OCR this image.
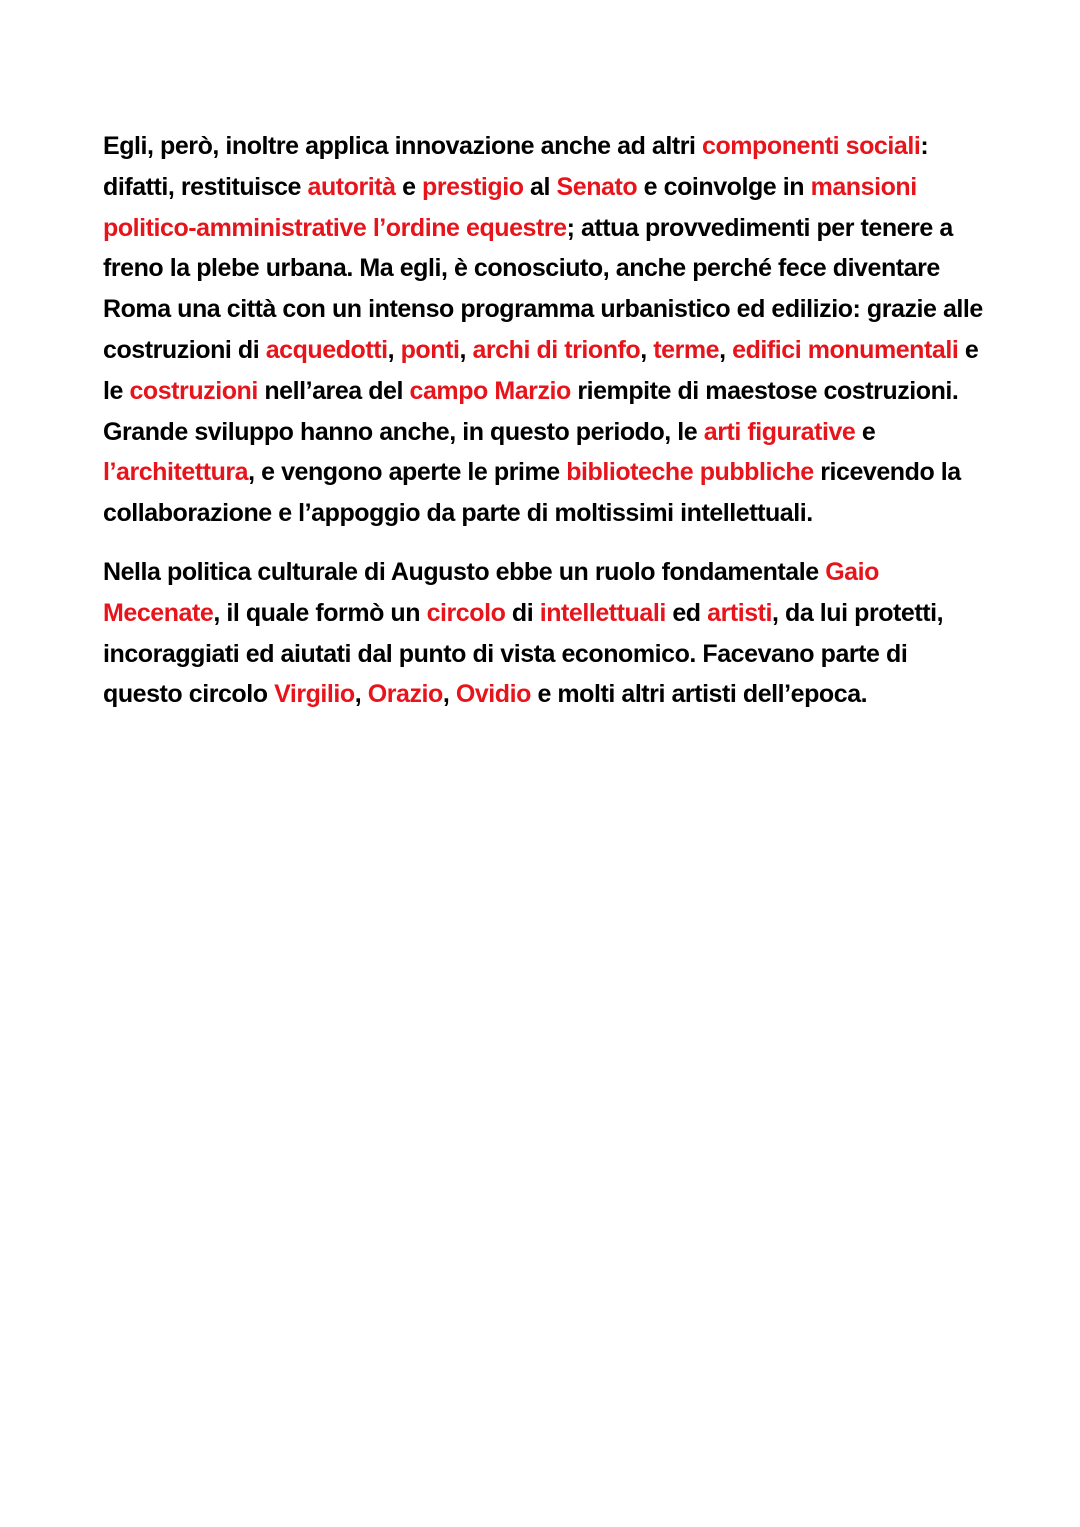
Egli, però, inoltre applica innovazione anche ad altri componenti sociali: difatti, restituisce autorità e prestigio al Senato e coinvolge in mansioni politico-amministrative l’ordine equestre; attua provvedimenti per tenere a freno la plebe urbana. Ma egli, è conosciuto, anche perché fece diventare Roma una città con un intenso programma urbanistico ed edilizio: grazie alle costruzioni di acquedotti, ponti, archi di trionfo, terme, edifici monumentali e le costruzioni nell’area del campo Marzio riempite di maestose costruzioni. Grande sviluppo hanno anche, in questo periodo, le arti figurative e l’architettura, e vengono aperte le prime biblioteche pubbliche ricevendo la collaborazione e l’appoggio da parte di moltissimi intellettuali.

Nella politica culturale di Augusto ebbe un ruolo fondamentale Gaio Mecenate, il quale formò un circolo di intellettuali ed artisti, da lui protetti, incoraggiati ed aiutati dal punto di vista economico. Facevano parte di questo circolo Virgilio, Orazio, Ovidio e molti altri artisti dell’epoca.
